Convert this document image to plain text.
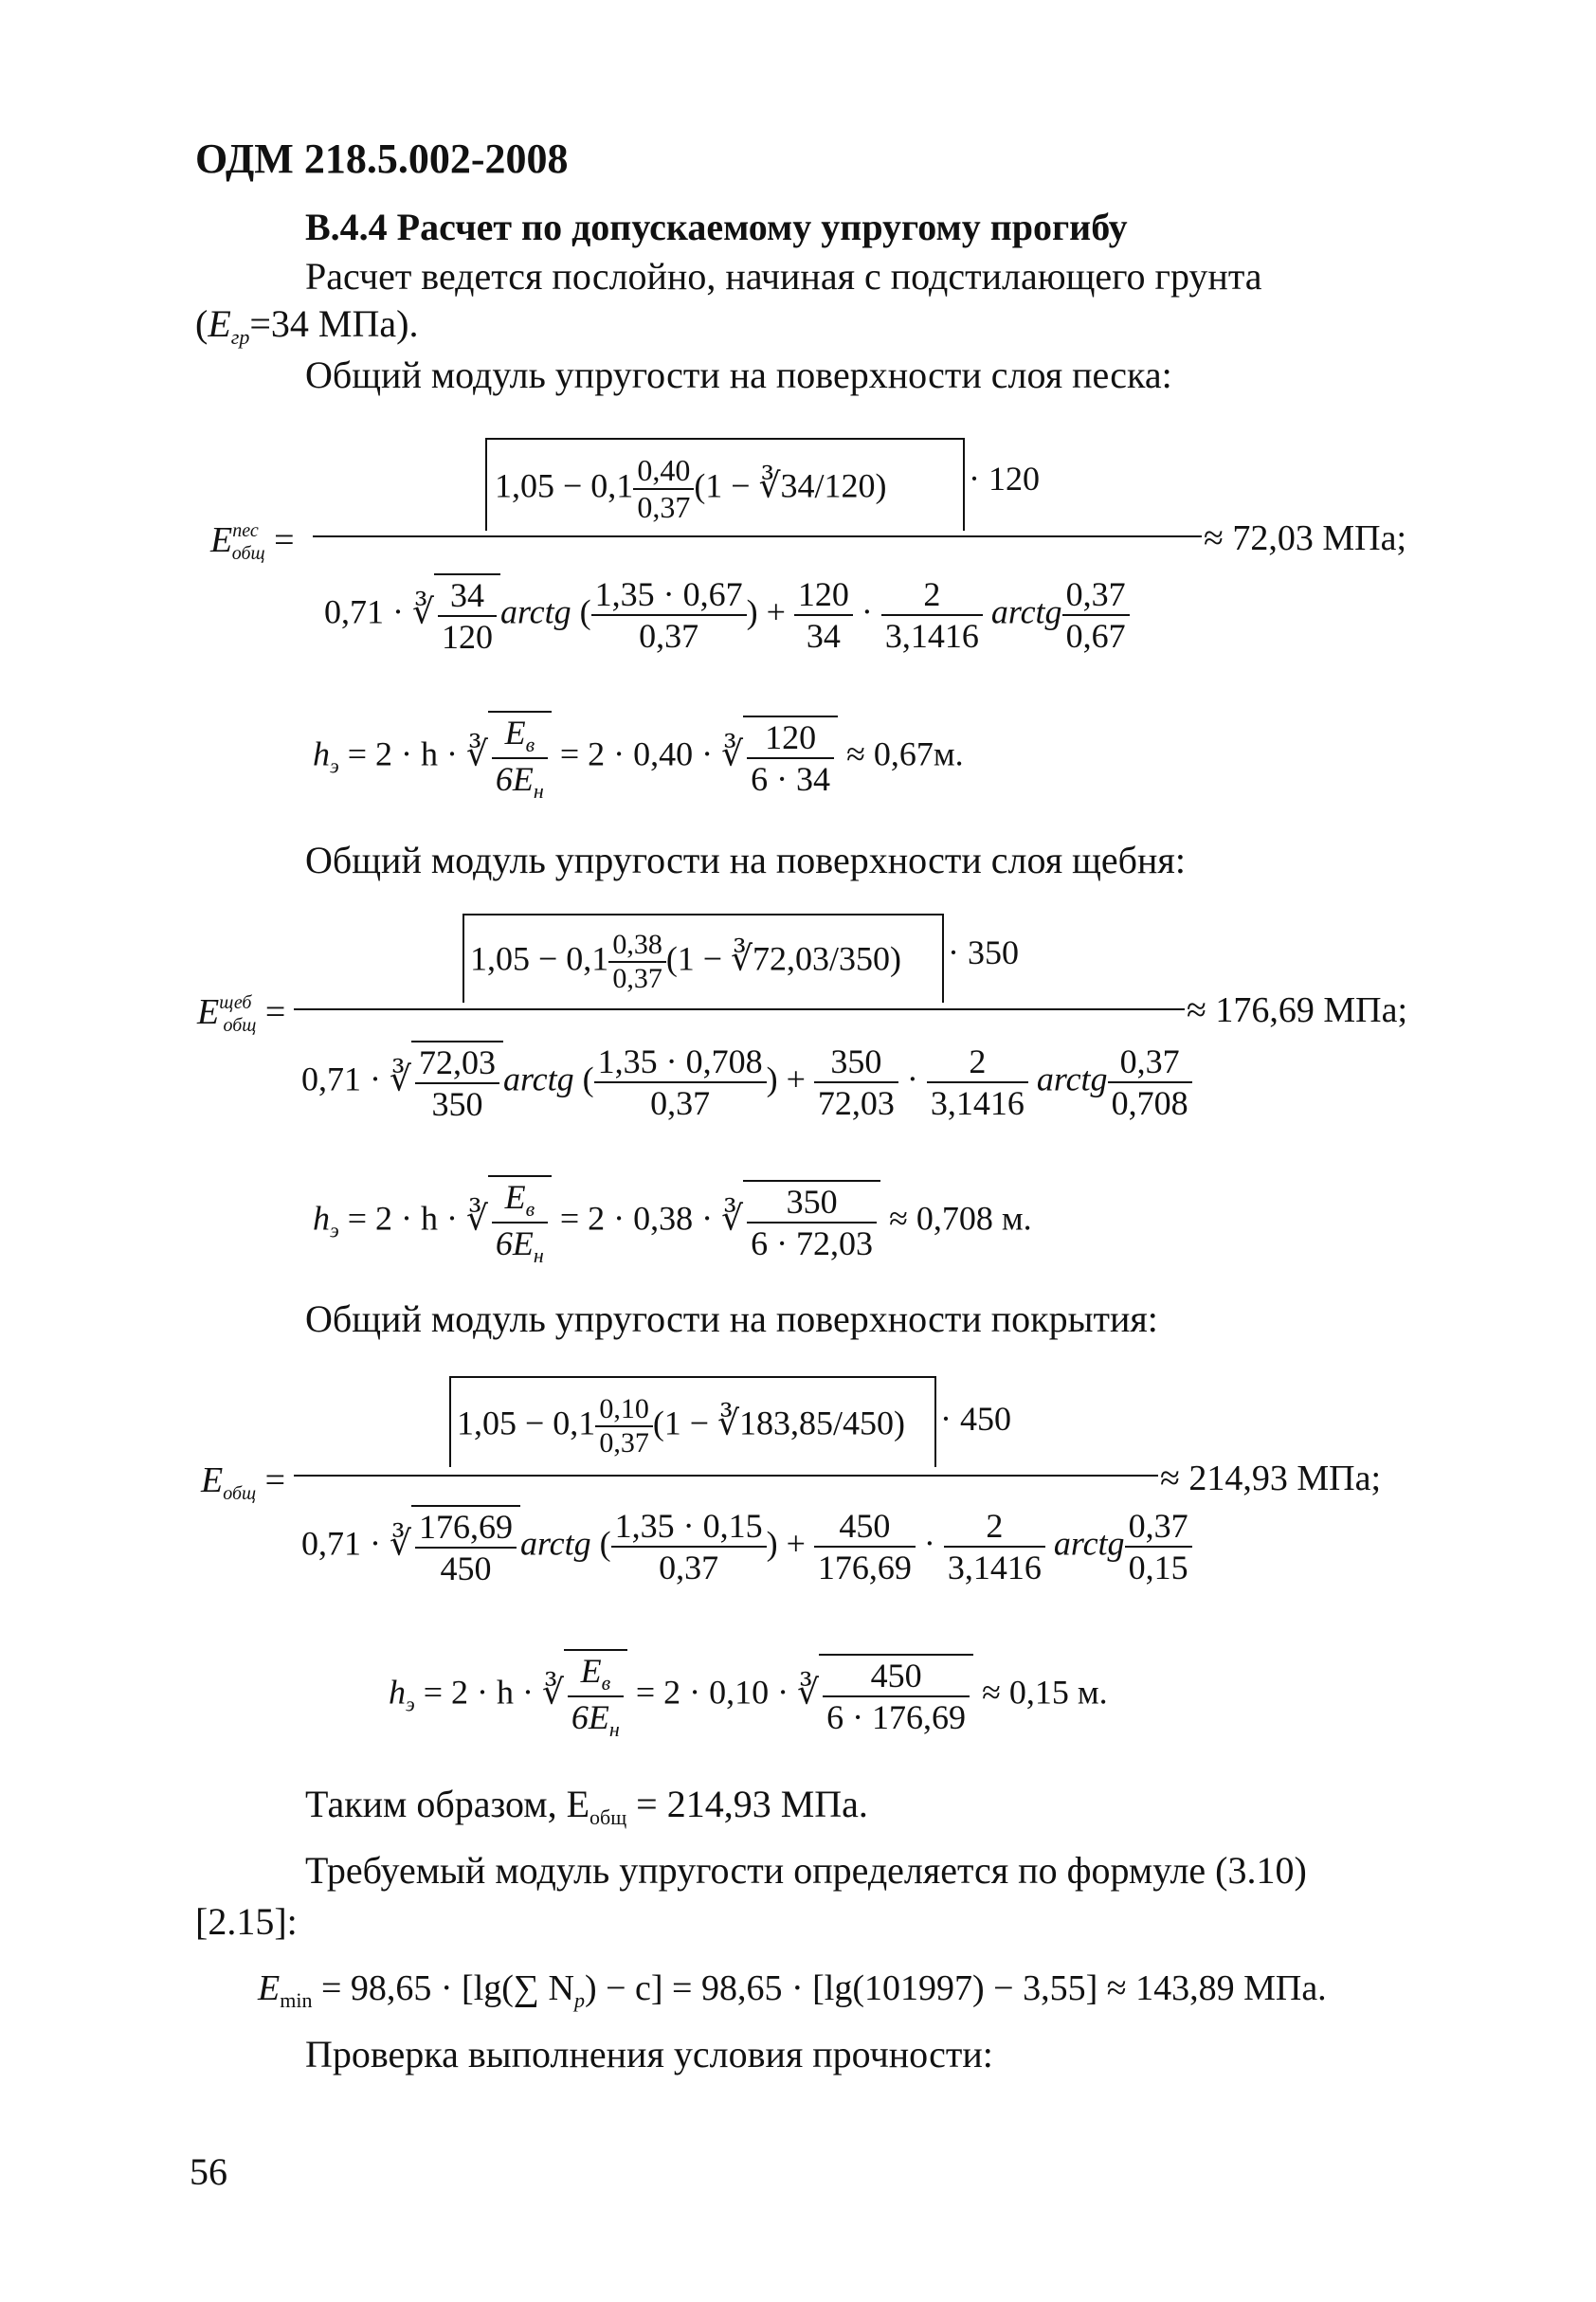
ОДМ 218.5.002-2008
В.4.4 Расчет по допускаемому упругому прогибу
Расчет ведется послойно, начиная с подстилающего грунта
($E_{гр}=34$ МПа).
Общий модуль упругости на поверхности слоя песка:
$E^{пес}_{общ}$ =
$1,05 - 0,1 \frac{0,40}{0,37} (1$ − ∛34/120) · 120
0,71 · ∛ $\frac{34}{120}$ arctg ( $\frac{1,35 \cdot 0,67}{0,37}$ ) + $\frac{120}{34} \cdot \frac{2}{3,1416}$ arctg $\frac{0,37}{0,67}$
≈ 72,03 МПа;
$h_э = 2 \cdot h$ · ∛ $\frac{E_в}{6E_н} = 2 \cdot 0,40$ · ∛ $\frac{120}{6 \cdot 34} \approx 0,67м$.
Общий модуль упругости на поверхности слоя щебня:
$E^{щеб}_{общ}$ =
$1,05 - 0,1 \frac{0,38}{0,37} (1$ − ∛72,03/350) · 350
0,71 · ∛ $\frac{72,03}{350}$ arctg ( $\frac{1,35 \cdot 0,708}{0,37}$ ) + $\frac{350}{72,03} \cdot \frac{2}{3,1416}$ arctg $\frac{0,37}{0,708}$
≈ 176,69 МПа;
$h_э = 2 \cdot h$ · ∛ $\frac{E_в}{6E_н} = 2 \cdot 0,38$ · ∛ $\frac{350}{6 \cdot 72,03} \approx 0,708$ м.
Общий модуль упругости на поверхности покрытия:
$E_{общ}$ =
$1,05 - 0,1 \frac{0,10}{0,37} (1$ − ∛183,85/450) · 450
0,71 · ∛ $\frac{176,69}{450}$ arctg ( $\frac{1,35 \cdot 0,15}{0,37}$ ) + $\frac{450}{176,69} \cdot \frac{2}{3,1416}$ arctg $\frac{0,37}{0,15}$
≈ 214,93 МПа;
$h_э = 2 \cdot h$ · ∛ $\frac{E_в}{6E_н} = 2 \cdot 0,10$ · ∛ $\frac{450}{6 \cdot 176,69} \approx 0,15$ м.
Таким образом, $E_{общ} = 214,93$ МПа.
Требуемый модуль упругости определяется по формуле (3.10)
[2.15]:
$E_{min} = 98,65 \cdot [\lg(\sum$ $N_p) - c] = 98,65 \cdot [\lg(101997) - 3,55] \approx 143,89$ МПа.
Проверка выполнения условия прочности:
56
